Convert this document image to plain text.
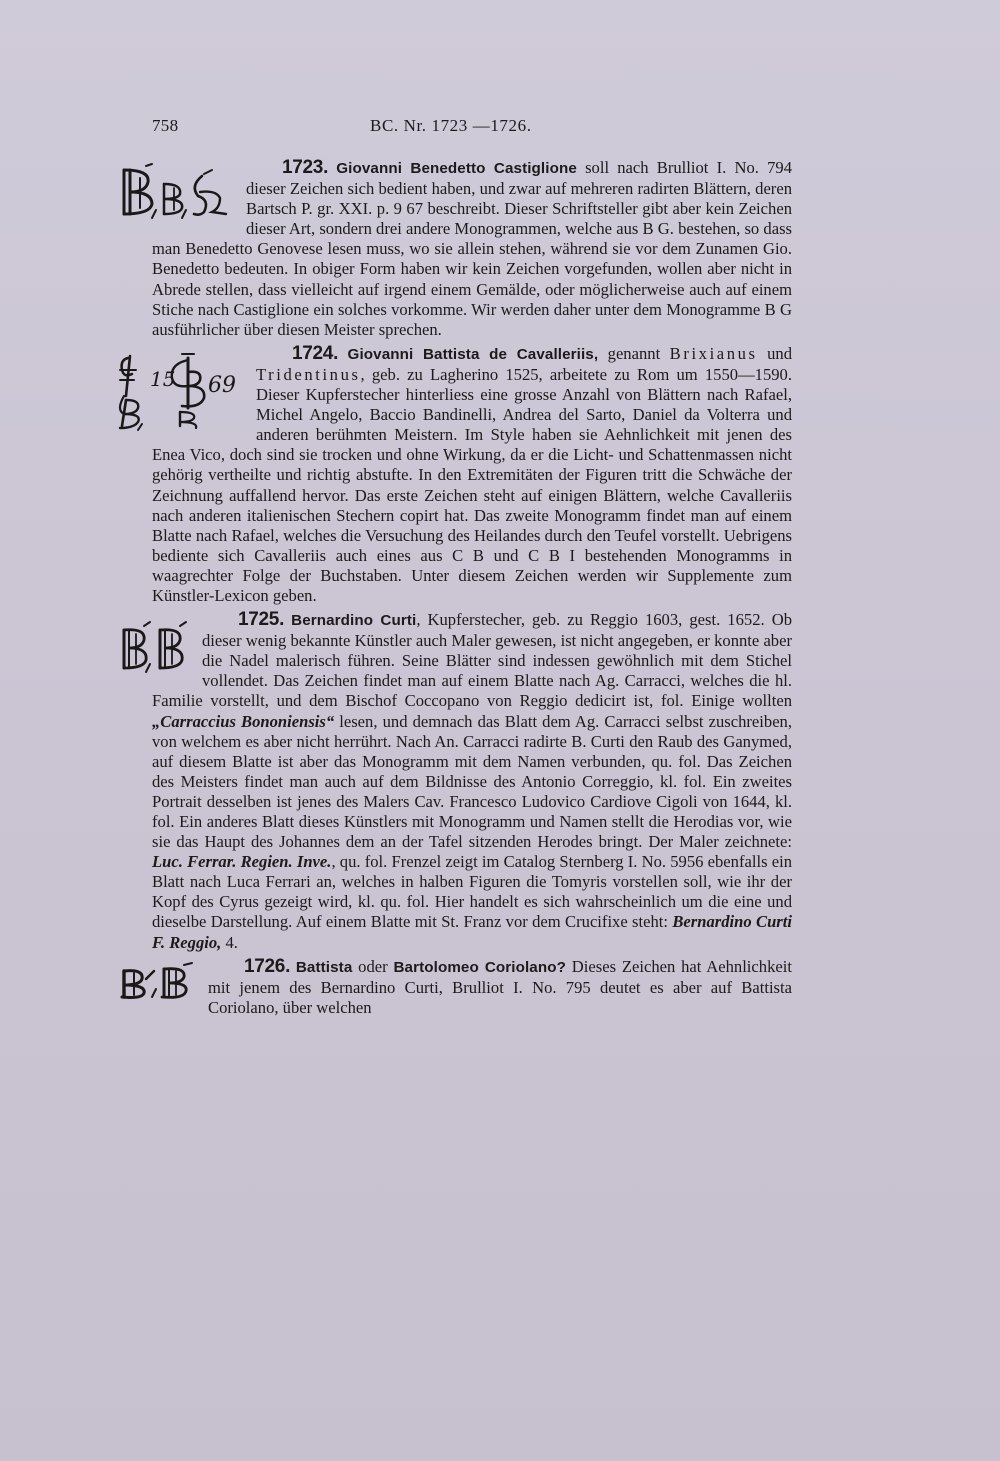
758	BC. Nr. 1723 —1726.

1723. Giovanni Benedetto Castiglione
soll nach Brulliot I. No. 794 dieser Zeichen sich bedient haben, und zwar auf mehreren radirten Blättern, deren Bartsch P. gr. XXI. p. 9 67 beschreibt. Dieser Schriftsteller gibt aber kein Zeichen dieser Art, sondern drei andere Monogrammen, welche aus B G. bestehen, so dass man Benedetto Genovese lesen muss, wo sie allein stehen, während sie vor dem Zunamen Gio. Benedetto bedeuten. In obiger Form haben wir kein Zeichen vorgefunden, wollen aber nicht in Abrede stellen, dass vielleicht auf irgend einem Gemälde, oder möglicherweise auch auf einem Stiche nach Castiglione ein solches vorkomme. Wir werden daher unter dem Monogramme B G ausführlicher über diesen Meister sprechen.

1724. Giovanni Battista de Cavalleriis, genannt Brixianus
15 69
und Tridentinus, geb. zu Lagherino 1525, arbeitete zu Rom um 1550—1590. Dieser Kupferstecher hinterliess eine grosse Anzahl von Blättern nach Rafael, Michel Angelo, Baccio Bandinelli, Andrea del Sarto, Daniel da Volterra und anderen berühmten Meistern. Im Style haben sie Aehnlichkeit mit jenen des Enea Vico, doch sind sie trocken und ohne Wirkung, da er die Licht- und Schattenmassen nicht gehörig vertheilte und richtig abstufte. In den Extremitäten der Figuren tritt die Schwäche der Zeichnung auffallend hervor. Das erste Zeichen steht auf einigen Blättern, welche Cavalleriis nach anderen italienischen Stechern copirt hat. Das zweite Monogramm findet man auf einem Blatte nach Rafael, welches die Versuchung des Heilandes durch den Teufel vorstellt. Uebrigens bediente sich Cavalleriis auch eines aus C B und C B I bestehenden Monogramms in waagrechter Folge der Buchstaben. Unter diesem Zeichen werden wir Supplemente zum Künstler-Lexicon geben.

1725. Bernardino Curti
, Kupferstecher, geb. zu Reggio 1603, gest. 1652. Ob dieser wenig bekannte Künstler auch Maler gewesen, ist nicht angegeben, er konnte aber die Nadel malerisch führen. Seine Blätter sind indessen gewöhnlich mit dem Stichel vollendet. Das Zeichen findet man auf einem Blatte nach Ag. Carracci, welches die hl. Familie vorstellt, und dem Bischof Coccopano von Reggio dedicirt ist, fol. Einige wollten „Carraccius Bononiensis“ lesen, und demnach das Blatt dem Ag. Carracci selbst zuschreiben, von welchem es aber nicht herrührt. Nach An. Carracci radirte B. Curti den Raub des Ganymed, auf diesem Blatte ist aber das Monogramm mit dem Namen verbunden, qu. fol. Das Zeichen des Meisters findet man auch auf dem Bildnisse des Antonio Correggio, kl. fol. Ein zweites Portrait desselben ist jenes des Malers Cav. Francesco Ludovico Cardiove Cigoli von 1644, kl. fol. Ein anderes Blatt dieses Künstlers mit Monogramm und Namen stellt die Herodias vor, wie sie das Haupt des Johannes dem an der Tafel sitzenden Herodes bringt. Der Maler zeichnete: Luc. Ferrar. Regien. Inve., qu. fol. Frenzel zeigt im Catalog Sternberg I. No. 5956 ebenfalls ein Blatt nach Luca Ferrari an, welches in halben Figuren die Tomyris vorstellen soll, wie ihr der Kopf des Cyrus gezeigt wird, kl. qu. fol. Hier handelt es sich wahrscheinlich um die eine und dieselbe Darstellung. Auf einem Blatte mit St. Franz vor dem Crucifixe steht: Bernardino Curti F. Reggio, 4.

1726. Battista oder Bartolomeo Coriolano?
Dieses Zeichen hat Aehnlichkeit mit jenem des Bernardino Curti, Brulliot I. No. 795 deutet es aber auf Battista Coriolano, über welchen
